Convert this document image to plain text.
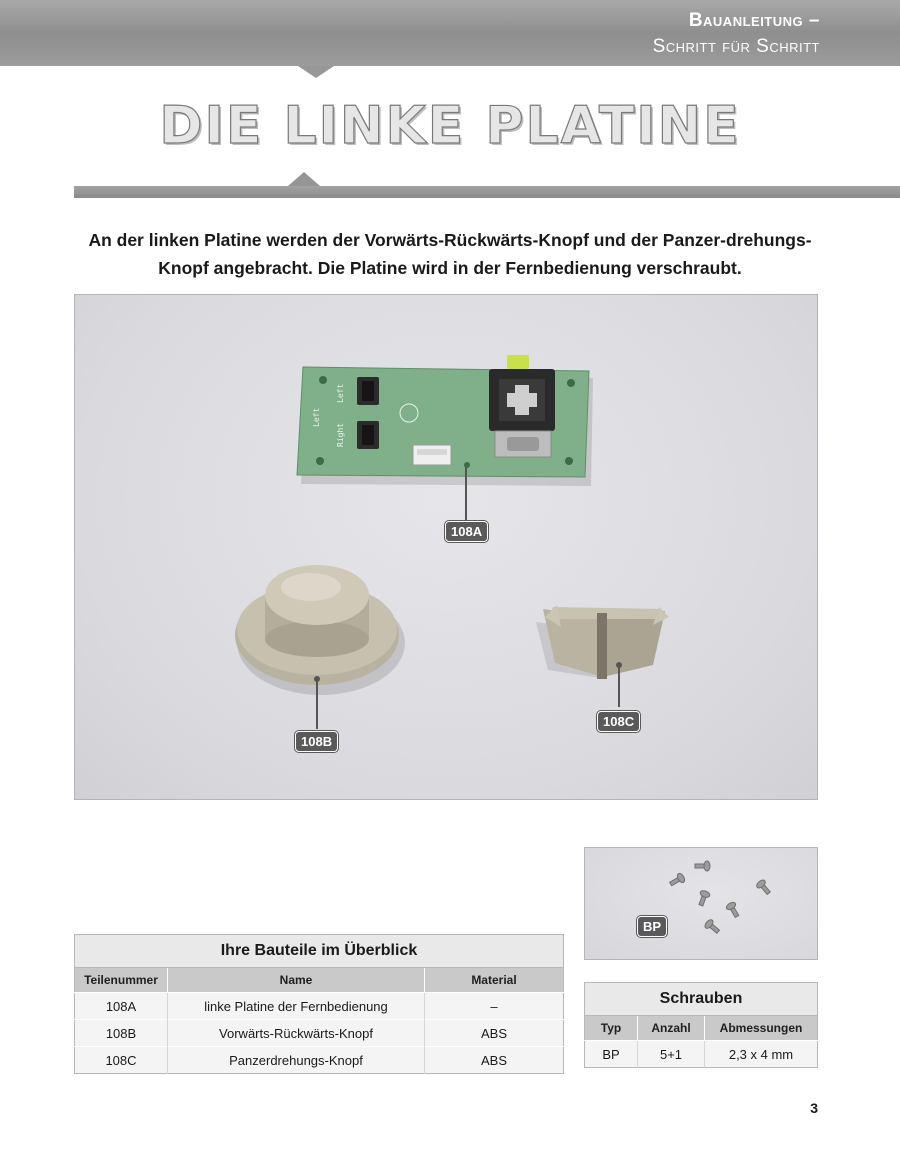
Bauanleitung –
Schritt für Schritt
DIE LINKE PLATINE
An der linken Platine werden der Vorwärts-Rückwärts-Knopf und der Panzer-drehungs-Knopf angebracht. Die Platine wird in der Fernbedienung verschraubt.
Left
Right
Left
108A
108B
108C
BP
Ihre Bauteile im Überblick		
Teilenummer	Name	Material
108A	linke Platine der Fernbedienung	–
108B	Vorwärts-Rückwärts-Knopf	ABS
108C	Panzerdrehungs-Knopf	ABS
Schrauben		
Typ	Anzahl	Abmessungen
BP	5+1	2,3 x 4 mm
3
